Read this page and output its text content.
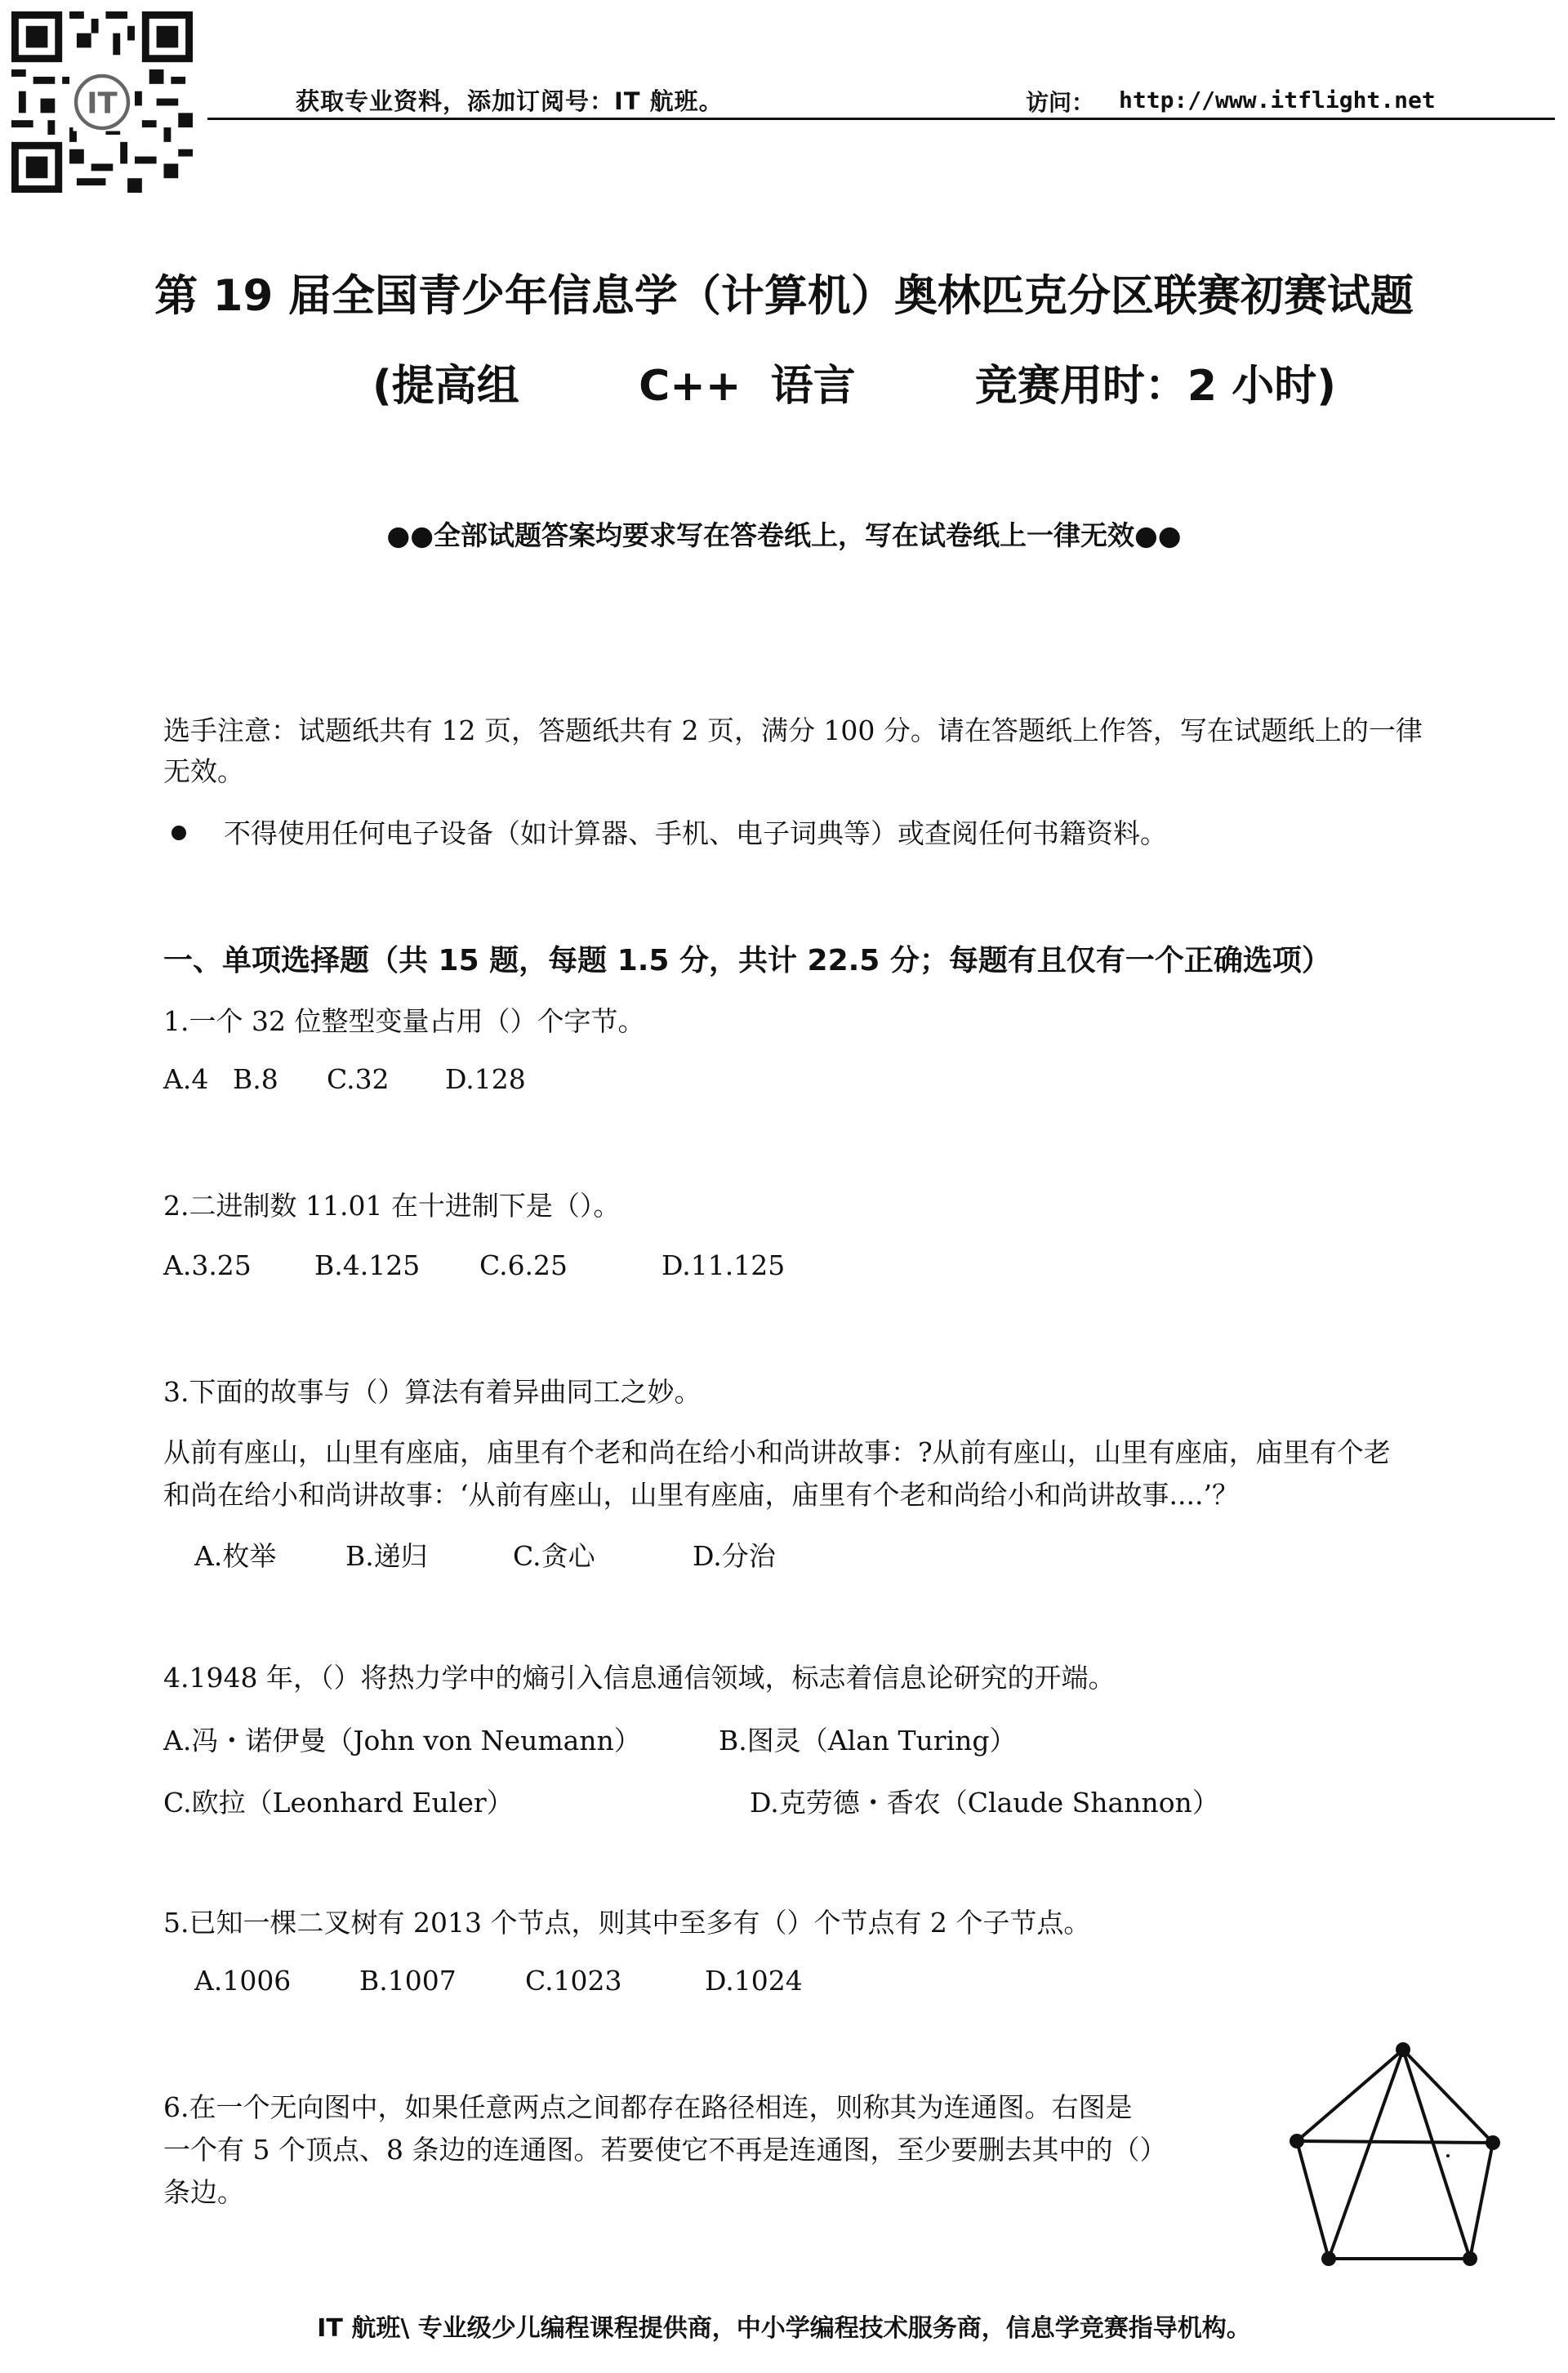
IT	获取专业资料，添加订阅号：IT 航班。	访问： http://www.itflight.net
第 19 届全国青少年信息学（计算机）奥林匹克分区联赛初赛试题
(提高组	C++  语言	竞赛用时：2 小时)
●●全部试题答案均要求写在答卷纸上，写在试卷纸上一律无效●●
选手注意：试题纸共有 12 页，答题纸共有 2 页，满分 100 分。请在答题纸上作答，写在试题纸上的一律
无效。
不得使用任何电子设备（如计算器、手机、电子词典等）或查阅任何书籍资料。
一、单项选择题（共 15 题，每题 1.5 分，共计 22.5 分；每题有且仅有一个正确选项）
1.一个 32 位整型变量占用（）个字节。
A.4 B.8 C.32 D.128
2.二进制数 11.01 在十进制下是（）。
A.3.25 B.4.125 C.6.25	D.11.125
3.下面的故事与（）算法有着异曲同工之妙。
从前有座山，山里有座庙，庙里有个老和尚在给小和尚讲故事：?从前有座山，山里有座庙，庙里有个老
和尚在给小和尚讲故事：‘从前有座山，山里有座庙，庙里有个老和尚给小和尚讲故事....’？
A.枚举	B.递归	C.贪心	D.分治
4.1948 年，（）将热力学中的熵引入信息通信领域，标志着信息论研究的开端。
A.冯・诺伊曼（John von Neumann）	B.图灵（Alan Turing）
C.欧拉（Leonhard Euler）	D.克劳德・香农（Claude Shannon）
5.已知一棵二叉树有 2013 个节点，则其中至多有（）个节点有 2 个子节点。
A.1006	B.1007	C.1023	D.1024
6.在一个无向图中，如果任意两点之间都存在路径相连，则称其为连通图。右图是
一个有 5 个顶点、8 条边的连通图。若要使它不再是连通图，至少要删去其中的（）
条边。
IT 航班\ 专业级少儿编程课程提供商，中小学编程技术服务商，信息学竞赛指导机构。
